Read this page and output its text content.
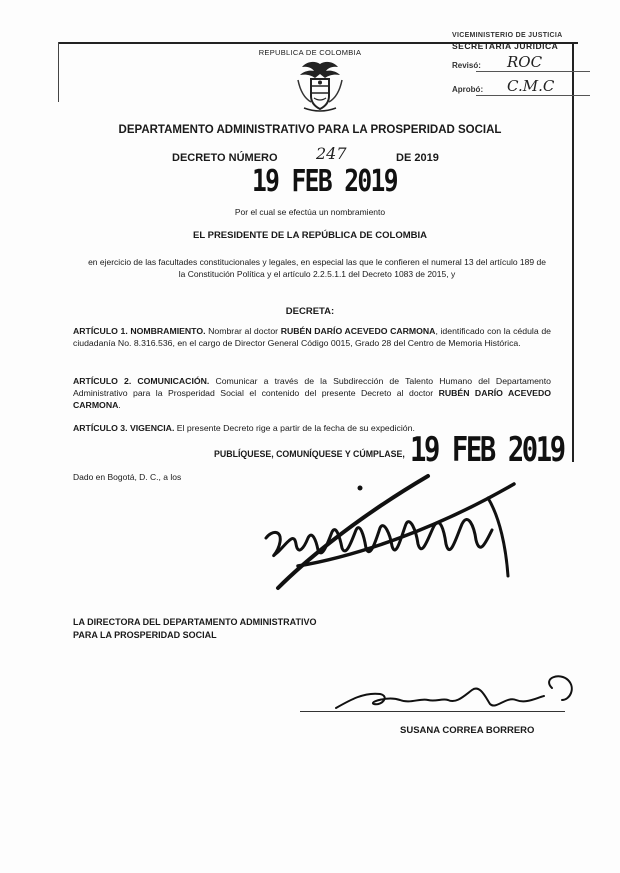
VICEMINISTERIO DE JUSTICIA
SECRETARIA JURIDICA
Revisó: ROC
Aprobó: C.M.C
REPUBLICA DE COLOMBIA
DEPARTAMENTO ADMINISTRATIVO PARA LA PROSPERIDAD SOCIAL
DECRETO NÚMERO 247	DE 2019
19 FEB 2019
Por el cual se efectúa un nombramiento
EL PRESIDENTE DE LA REPÚBLICA DE COLOMBIA
en ejercicio de las facultades constitucionales y legales, en especial las que le confieren el numeral 13 del artículo 189 de la Constitución Política y el artículo 2.2.5.1.1 del Decreto 1083 de 2015, y
DECRETA:
ARTÍCULO 1. NOMBRAMIENTO. Nombrar al doctor RUBÉN DARÍO ACEVEDO CARMONA, identificado con la cédula de ciudadanía No. 8.316.536, en el cargo de Director General Código 0015, Grado 28 del Centro de Memoria Histórica.
ARTÍCULO 2. COMUNICACIÓN. Comunicar a través de la Subdirección de Talento Humano del Departamento Administrativo para la Prosperidad Social el contenido del presente Decreto al doctor RUBÉN DARÍO ACEVEDO CARMONA.
ARTÍCULO 3. VIGENCIA. El presente Decreto rige a partir de la fecha de su expedición.
PUBLÍQUESE, COMUNÍQUESE Y CÚMPLASE, 19 FEB 2019
Dado en Bogotá, D. C., a los
LA DIRECTORA DEL DEPARTAMENTO ADMINISTRATIVO
PARA LA PROSPERIDAD SOCIAL
SUSANA CORREA BORRERO
